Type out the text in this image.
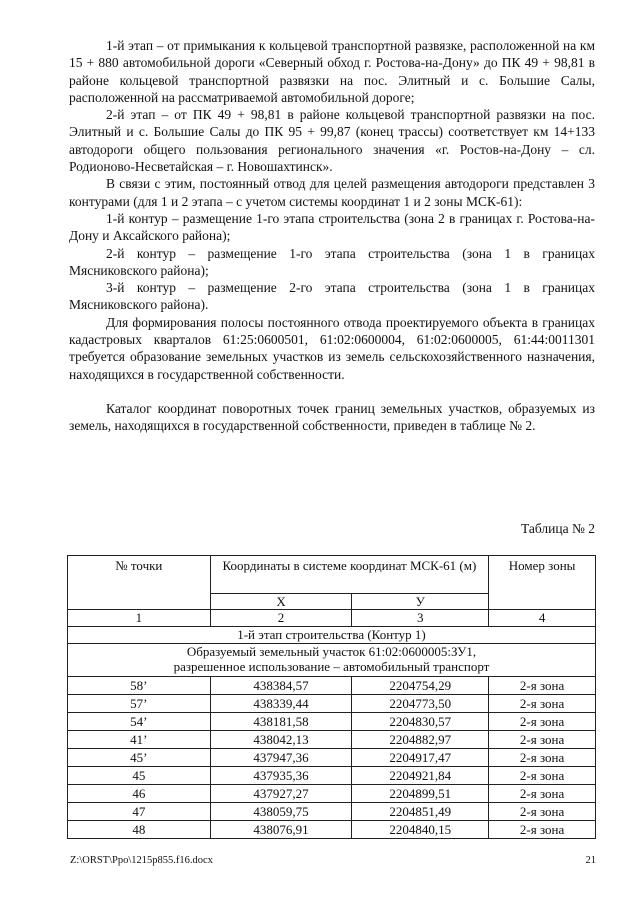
1-й этап – от примыкания к кольцевой транспортной развязке, расположенной на км 15 + 880 автомобильной дороги «Северный обход г. Ростова-на-Дону» до ПК 49 + 98,81 в районе кольцевой транспортной развязки на пос. Элитный и с. Большие Салы, расположенной на рассматриваемой автомобильной дороге;

2-й этап – от ПК 49 + 98,81 в районе кольцевой транспортной развязки на пос. Элитный и с. Большие Салы до ПК 95 + 99,87 (конец трассы) соответствует км 14+133 автодороги общего пользования регионального значения «г. Ростов-на-Дону – сл. Родионово-Несветайская – г. Новошахтинск».

В связи с этим, постоянный отвод для целей размещения автодороги представлен 3 контурами (для 1 и 2 этапа – с учетом системы координат 1 и 2 зоны МСК-61):

1-й контур – размещение 1-го этапа строительства (зона 2 в границах г. Ростова-на-Дону и Аксайского района);

2-й контур – размещение 1-го этапа строительства (зона 1 в границах Мясниковского района);

3-й контур – размещение 2-го этапа строительства (зона 1 в границах Мясниковского района).

Для формирования полосы постоянного отвода проектируемого объекта в границах кадастровых кварталов 61:25:0600501, 61:02:0600004, 61:02:0600005, 61:44:0011301 требуется образование земельных участков из земель сельскохозяйственного назначения, находящихся в государственной собственности.

Каталог координат поворотных точек границ земельных участков, образуемых из земель, находящихся в государственной собственности, приведен в таблице № 2.

Таблица № 2
№ точки	Координаты в системе координат МСК-61 (м)		Номер зоны
	Х	У	
1	2	3	4
1-й этап строительства (Контур 1)			

Образуемый земельный участок 61:02:0600005:ЗУ1,
разрешенное использование – автомобильный транспорт			

58’	438384,57	2204754,29	2-я зона
57’	438339,44	2204773,50	2-я зона
54’	438181,58	2204830,57	2-я зона
41’	438042,13	2204882,97	2-я зона
45’	437947,36	2204917,47	2-я зона
45	437935,36	2204921,84	2-я зона
46	437927,27	2204899,51	2-я зона
47	438059,75	2204851,49	2-я зона
48	438076,91	2204840,15	2-я зона
Z:\ORST\Ppo\1215p855.f16.docx	21
